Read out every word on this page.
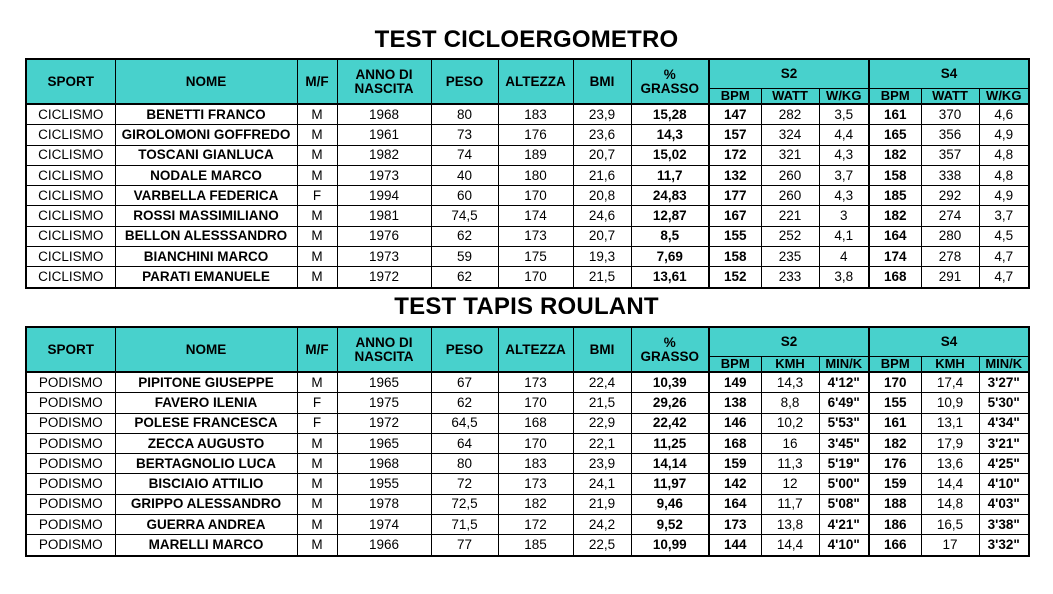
TEST CICLOERGOMETRO
SPORT	NOME	M/F	ANNO DI NASCITA	PESO	ALTEZZA	BMI	% GRASSO	S2			S4		
								BPM	WATT	W/KG	BPM	WATT	W/KG
CICLISMO	BENETTI FRANCO	M	1968	80	183	23,9	15,28	147	282	3,5	161	370	4,6
CICLISMO	GIROLOMONI GOFFREDO	M	1961	73	176	23,6	14,3	157	324	4,4	165	356	4,9
CICLISMO	TOSCANI GIANLUCA	M	1982	74	189	20,7	15,02	172	321	4,3	182	357	4,8
CICLISMO	NODALE MARCO	M	1973	40	180	21,6	11,7	132	260	3,7	158	338	4,8
CICLISMO	VARBELLA FEDERICA	F	1994	60	170	20,8	24,83	177	260	4,3	185	292	4,9
CICLISMO	ROSSI MASSIMILIANO	M	1981	74,5	174	24,6	12,87	167	221	3	182	274	3,7
CICLISMO	BELLON ALESSSANDRO	M	1976	62	173	20,7	8,5	155	252	4,1	164	280	4,5
CICLISMO	BIANCHINI MARCO	M	1973	59	175	19,3	7,69	158	235	4	174	278	4,7
CICLISMO	PARATI EMANUELE	M	1972	62	170	21,5	13,61	152	233	3,8	168	291	4,7
TEST TAPIS ROULANT
SPORT	NOME	M/F	ANNO DI NASCITA	PESO	ALTEZZA	BMI	% GRASSO	S2			S4		
								BPM	KMH	MIN/K	BPM	KMH	MIN/K
PODISMO	PIPITONE GIUSEPPE	M	1965	67	173	22,4	10,39	149	14,3	4'12"	170	17,4	3'27"
PODISMO	FAVERO ILENIA	F	1975	62	170	21,5	29,26	138	8,8	6'49"	155	10,9	5'30"
PODISMO	POLESE FRANCESCA	F	1972	64,5	168	22,9	22,42	146	10,2	5'53"	161	13,1	4'34"
PODISMO	ZECCA AUGUSTO	M	1965	64	170	22,1	11,25	168	16	3'45"	182	17,9	3'21"
PODISMO	BERTAGNOLIO LUCA	M	1968	80	183	23,9	14,14	159	11,3	5'19"	176	13,6	4'25"
PODISMO	BISCIAIO ATTILIO	M	1955	72	173	24,1	11,97	142	12	5'00"	159	14,4	4'10"
PODISMO	GRIPPO ALESSANDRO	M	1978	72,5	182	21,9	9,46	164	11,7	5'08"	188	14,8	4'03"
PODISMO	GUERRA ANDREA	M	1974	71,5	172	24,2	9,52	173	13,8	4'21"	186	16,5	3'38"
PODISMO	MARELLI MARCO	M	1966	77	185	22,5	10,99	144	14,4	4'10"	166	17	3'32"
